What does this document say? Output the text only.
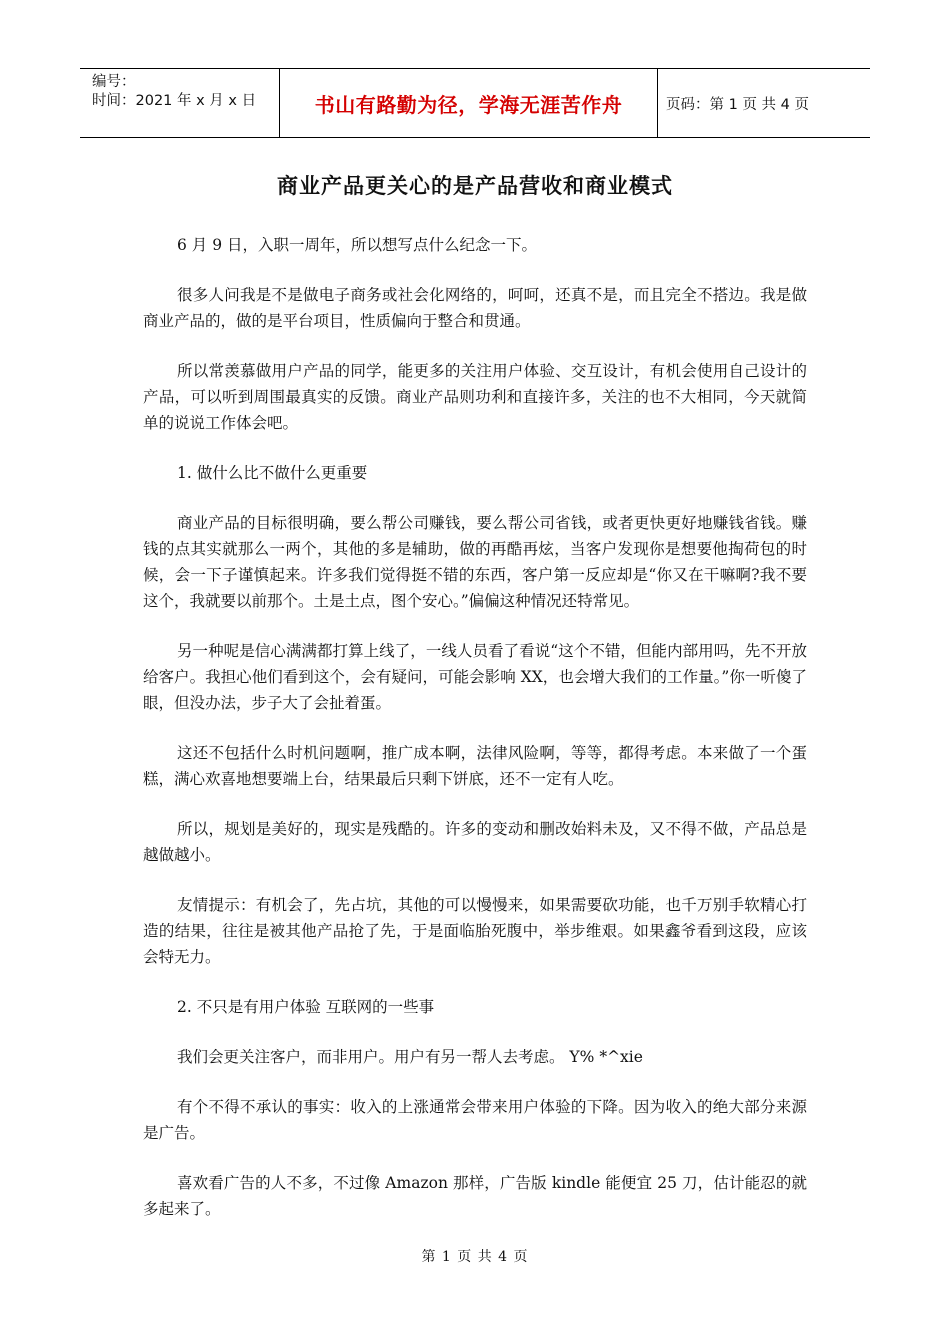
编号：
时间：2021 年 x 月 x 日	书山有路勤为径，学海无涯苦作舟	页码：第 1 页 共 4 页
商业产品更关心的是产品营收和商业模式

6 月 9 日，入职一周年，所以想写点什么纪念一下。

很多人问我是不是做电子商务或社会化网络的，呵呵，还真不是，而且完全不搭边。我是做商业产品的，做的是平台项目，性质偏向于整合和贯通。

所以常羡慕做用户产品的同学，能更多的关注用户体验、交互设计，有机会使用自己设计的产品，可以听到周围最真实的反馈。商业产品则功利和直接许多，关注的也不大相同，今天就简单的说说工作体会吧。

1. 做什么比不做什么更重要

商业产品的目标很明确，要么帮公司赚钱，要么帮公司省钱，或者更快更好地赚钱省钱。赚钱的点其实就那么一两个，其他的多是辅助，做的再酷再炫，当客户发现你是想要他掏荷包的时候，会一下子谨慎起来。许多我们觉得挺不错的东西，客户第一反应却是“你又在干嘛啊?我不要这个，我就要以前那个。土是土点，图个安心。”偏偏这种情况还特常见。

另一种呢是信心满满都打算上线了，一线人员看了看说“这个不错，但能内部用吗，先不开放给客户。我担心他们看到这个，会有疑问，可能会影响 XX，也会增大我们的工作量。”你一听傻了眼，但没办法，步子大了会扯着蛋。

这还不包括什么时机问题啊，推广成本啊，法律风险啊，等等，都得考虑。本来做了一个蛋糕，满心欢喜地想要端上台，结果最后只剩下饼底，还不一定有人吃。

所以，规划是美好的，现实是残酷的。许多的变动和删改始料未及，又不得不做，产品总是越做越小。

友情提示：有机会了，先占坑，其他的可以慢慢来，如果需要砍功能，也千万别手软精心打造的结果，往往是被其他产品抢了先，于是面临胎死腹中，举步维艰。如果鑫爷看到这段，应该会特无力。

2. 不只是有用户体验 互联网的一些事

我们会更关注客户，而非用户。用户有另一帮人去考虑。 Y% *^xie

有个不得不承认的事实：收入的上涨通常会带来用户体验的下降。因为收入的绝大部分来源是广告。

喜欢看广告的人不多，不过像 Amazon 那样，广告版 kindle 能便宜 25 刀，估计能忍的就多起来了。

第 1 页 共 4 页
